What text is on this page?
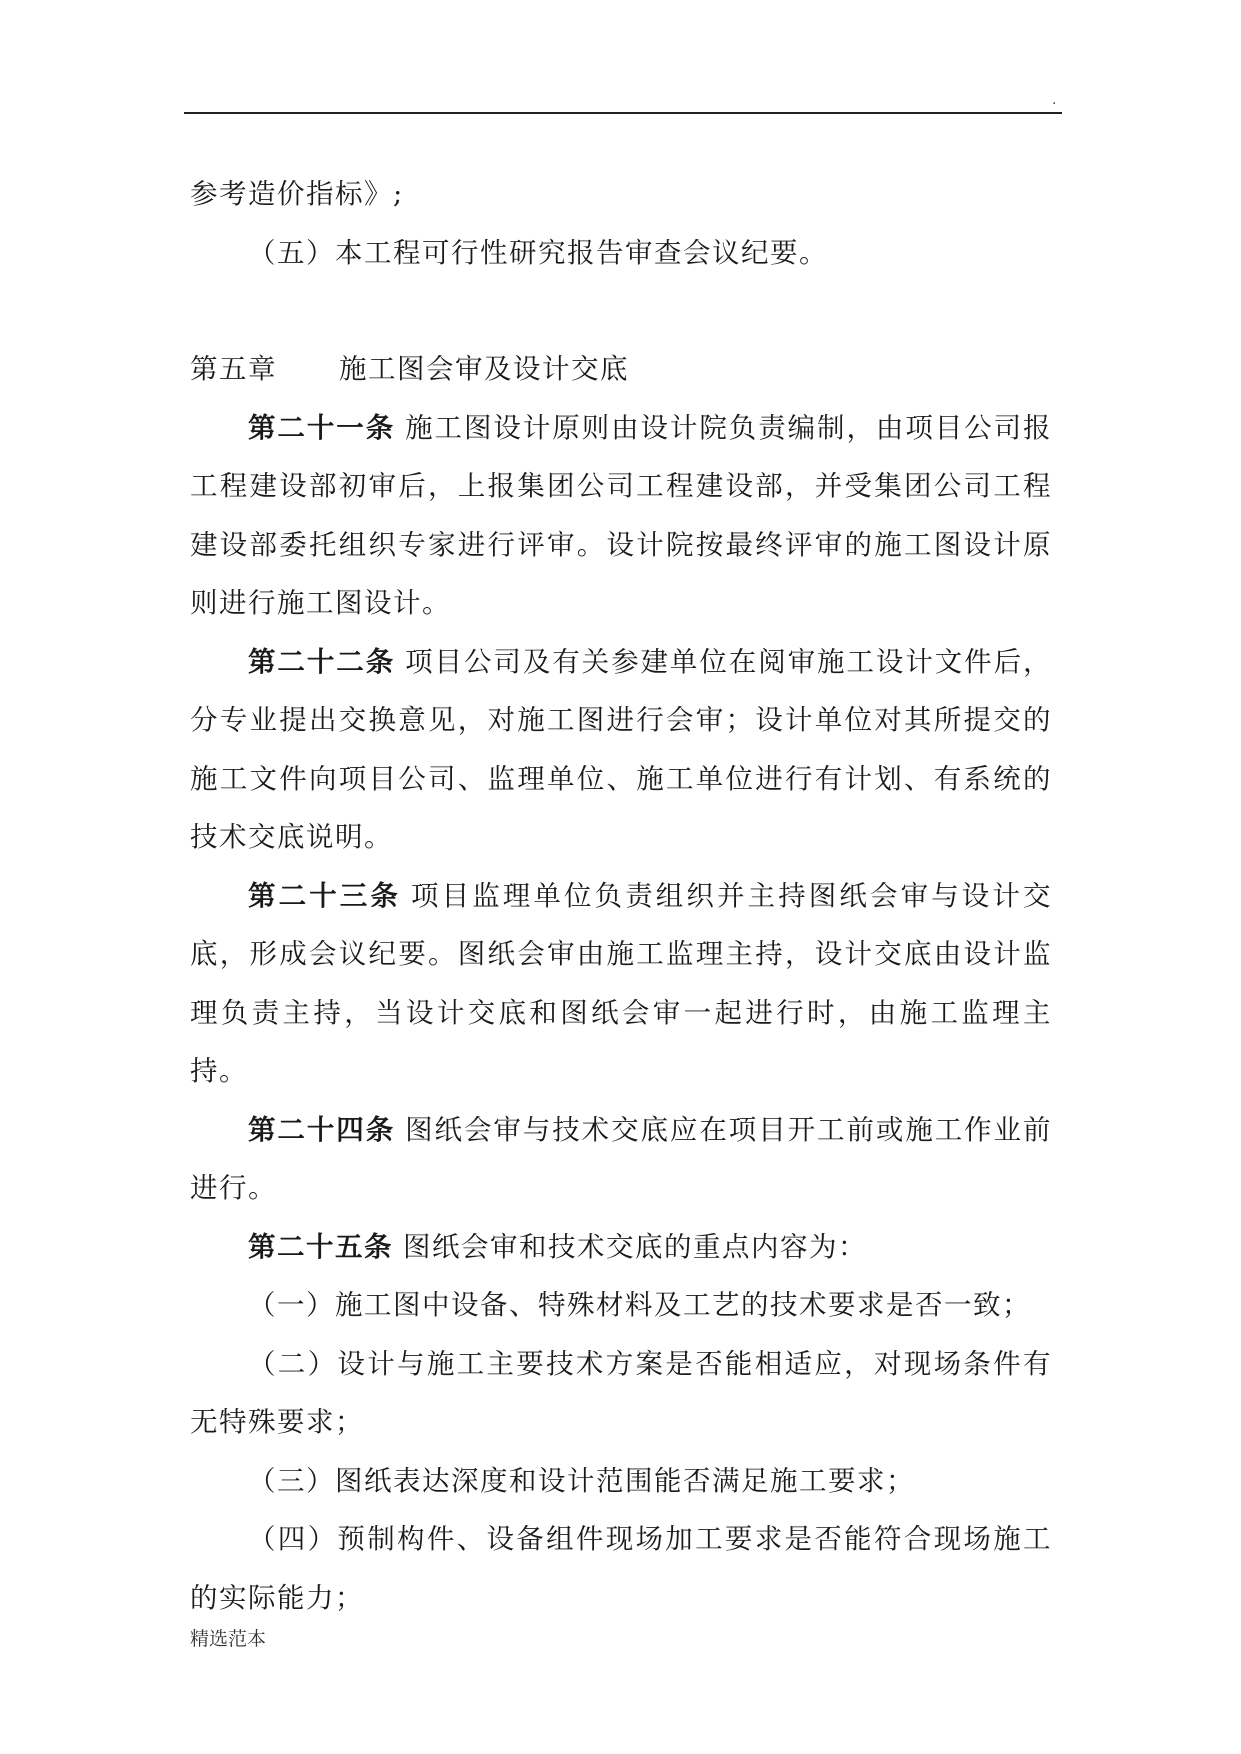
.

参考造价指标》;

（五）本工程可行性研究报告审查会议纪要。

第五章 施工图会审及设计交底

第二十一条 施工图设计原则由设计院负责编制，由项目公司报工程建设部初审后，上报集团公司工程建设部，并受集团公司工程建设部委托组织专家进行评审。设计院按最终评审的施工图设计原则进行施工图设计。

第二十二条 项目公司及有关参建单位在阅审施工设计文件后，分专业提出交换意见，对施工图进行会审；设计单位对其所提交的施工文件向项目公司、监理单位、施工单位进行有计划、有系统的技术交底说明。

第二十三条 项目监理单位负责组织并主持图纸会审与设计交底，形成会议纪要。图纸会审由施工监理主持，设计交底由设计监理负责主持，当设计交底和图纸会审一起进行时，由施工监理主持。

第二十四条 图纸会审与技术交底应在项目开工前或施工作业前进行。

第二十五条 图纸会审和技术交底的重点内容为：

（一）施工图中设备、特殊材料及工艺的技术要求是否一致；

（二）设计与施工主要技术方案是否能相适应，对现场条件有无特殊要求；

（三）图纸表达深度和设计范围能否满足施工要求；

（四）预制构件、设备组件现场加工要求是否能符合现场施工的实际能力；

精选范本
